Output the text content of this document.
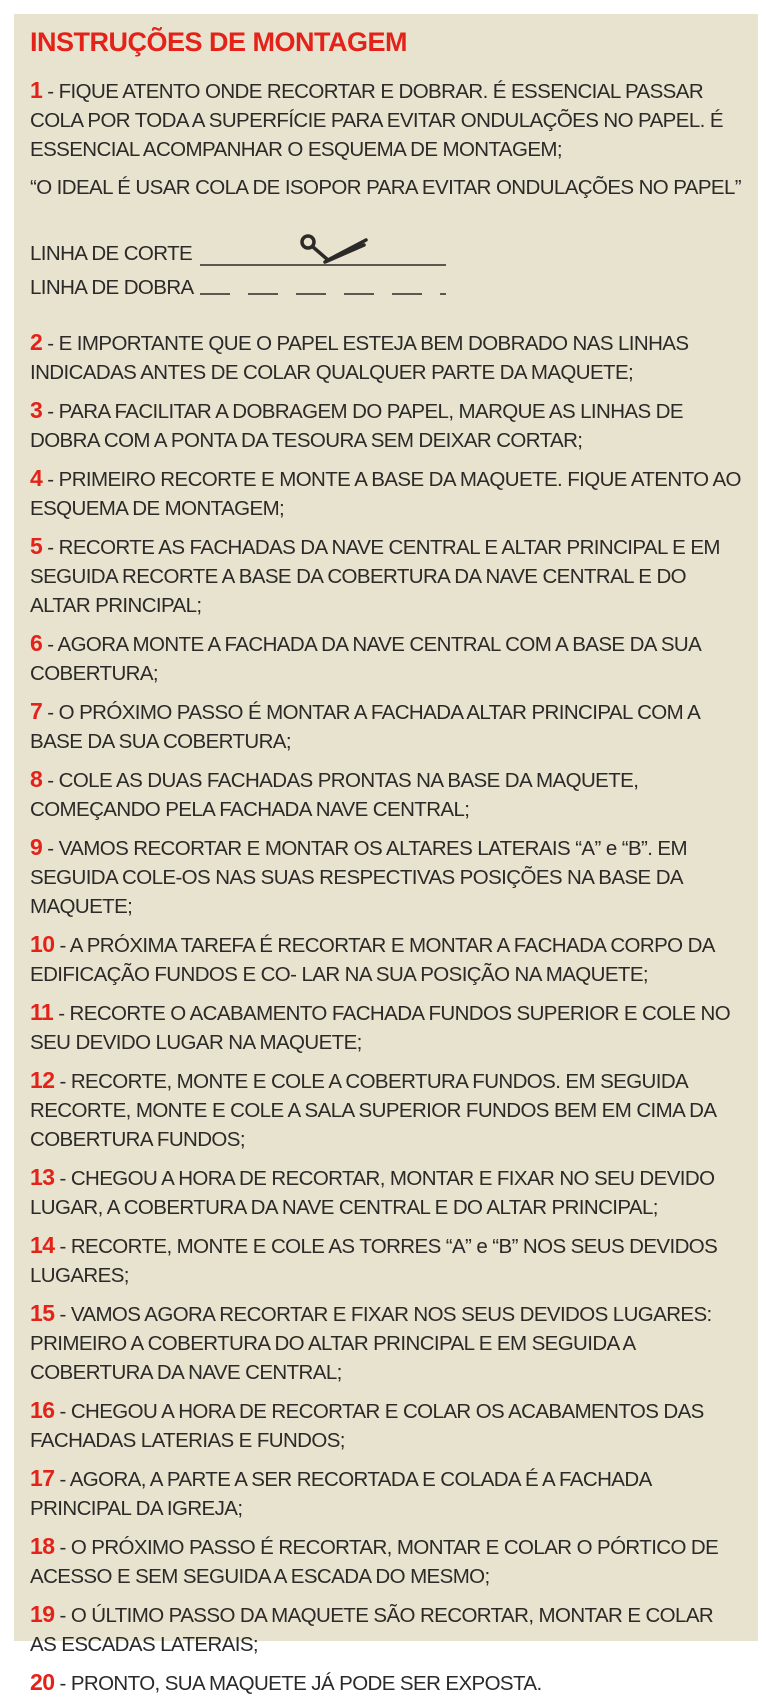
INSTRUÇÕES DE MONTAGEM
1 - FIQUE ATENTO ONDE RECORTAR E DOBRAR. É ESSENCIAL PASSAR COLA POR TODA A SUPERFÍCIE PARA EVITAR ONDULAÇÕES NO PAPEL. É ESSENCIAL ACOMPANHAR O ESQUEMA DE MONTAGEM;
“O IDEAL É USAR COLA DE ISOPOR PARA EVITAR ONDULAÇÕES NO PAPEL”
LINHA DE CORTE
LINHA DE DOBRA
2 - E IMPORTANTE QUE O PAPEL ESTEJA BEM DOBRADO NAS LINHAS INDICADAS ANTES DE COLAR QUALQUER PARTE DA MAQUETE;
3 - PARA FACILITAR A DOBRAGEM DO PAPEL, MARQUE AS LINHAS DE DOBRA COM A PONTA DA TESOURA SEM DEIXAR CORTAR;
4 - PRIMEIRO RECORTE E MONTE A BASE DA MAQUETE. FIQUE ATENTO AO ESQUEMA DE MONTAGEM;
5 - RECORTE AS FACHADAS DA NAVE CENTRAL E ALTAR PRINCIPAL E EM SEGUIDA RECORTE A BASE DA COBERTURA DA NAVE CENTRAL E DO ALTAR PRINCIPAL;
6 - AGORA MONTE A FACHADA DA NAVE CENTRAL COM A BASE DA SUA COBERTURA;
7 - O PRÓXIMO PASSO É MONTAR A FACHADA ALTAR PRINCIPAL COM A BASE DA SUA COBERTURA;
8 - COLE AS DUAS FACHADAS PRONTAS NA BASE DA MAQUETE, COMEÇANDO PELA FACHADA NAVE CENTRAL;
9 - VAMOS RECORTAR E MONTAR OS ALTARES LATERAIS “A” e “B”. EM SEGUIDA COLE-OS NAS SUAS RESPECTIVAS POSIÇÕES NA BASE DA MAQUETE;
10 - A PRÓXIMA TAREFA É RECORTAR E MONTAR A FACHADA CORPO DA EDIFICAÇÃO FUNDOS E CO- LAR NA SUA POSIÇÃO NA MAQUETE;
11 - RECORTE O ACABAMENTO FACHADA FUNDOS SUPERIOR E COLE NO SEU DEVIDO LUGAR NA MAQUETE;
12 - RECORTE, MONTE E COLE A COBERTURA FUNDOS. EM SEGUIDA RECORTE, MONTE E COLE A SALA SUPERIOR FUNDOS BEM EM CIMA DA COBERTURA FUNDOS;
13 - CHEGOU A HORA DE RECORTAR, MONTAR E FIXAR NO SEU DEVIDO LUGAR, A COBERTURA DA NAVE CENTRAL E DO ALTAR PRINCIPAL;
14 - RECORTE, MONTE E COLE AS TORRES “A” e “B” NOS SEUS DEVIDOS LUGARES;
15 - VAMOS AGORA RECORTAR E FIXAR NOS SEUS DEVIDOS LUGARES: PRIMEIRO A COBERTURA DO ALTAR PRINCIPAL E EM SEGUIDA A COBERTURA DA NAVE CENTRAL;
16 - CHEGOU A HORA DE RECORTAR E COLAR OS ACABAMENTOS DAS FACHADAS LATERIAS E FUNDOS;
17 - AGORA, A PARTE A SER RECORTADA E COLADA É A FACHADA PRINCIPAL DA IGREJA;
18 - O PRÓXIMO PASSO É RECORTAR, MONTAR E COLAR O PÓRTICO DE ACESSO E SEM SEGUIDA A ESCADA DO MESMO;
19 - O ÚLTIMO PASSO DA MAQUETE SÃO RECORTAR, MONTAR E COLAR AS ESCADAS LATERAIS;
20 - PRONTO, SUA MAQUETE JÁ PODE SER EXPOSTA.
